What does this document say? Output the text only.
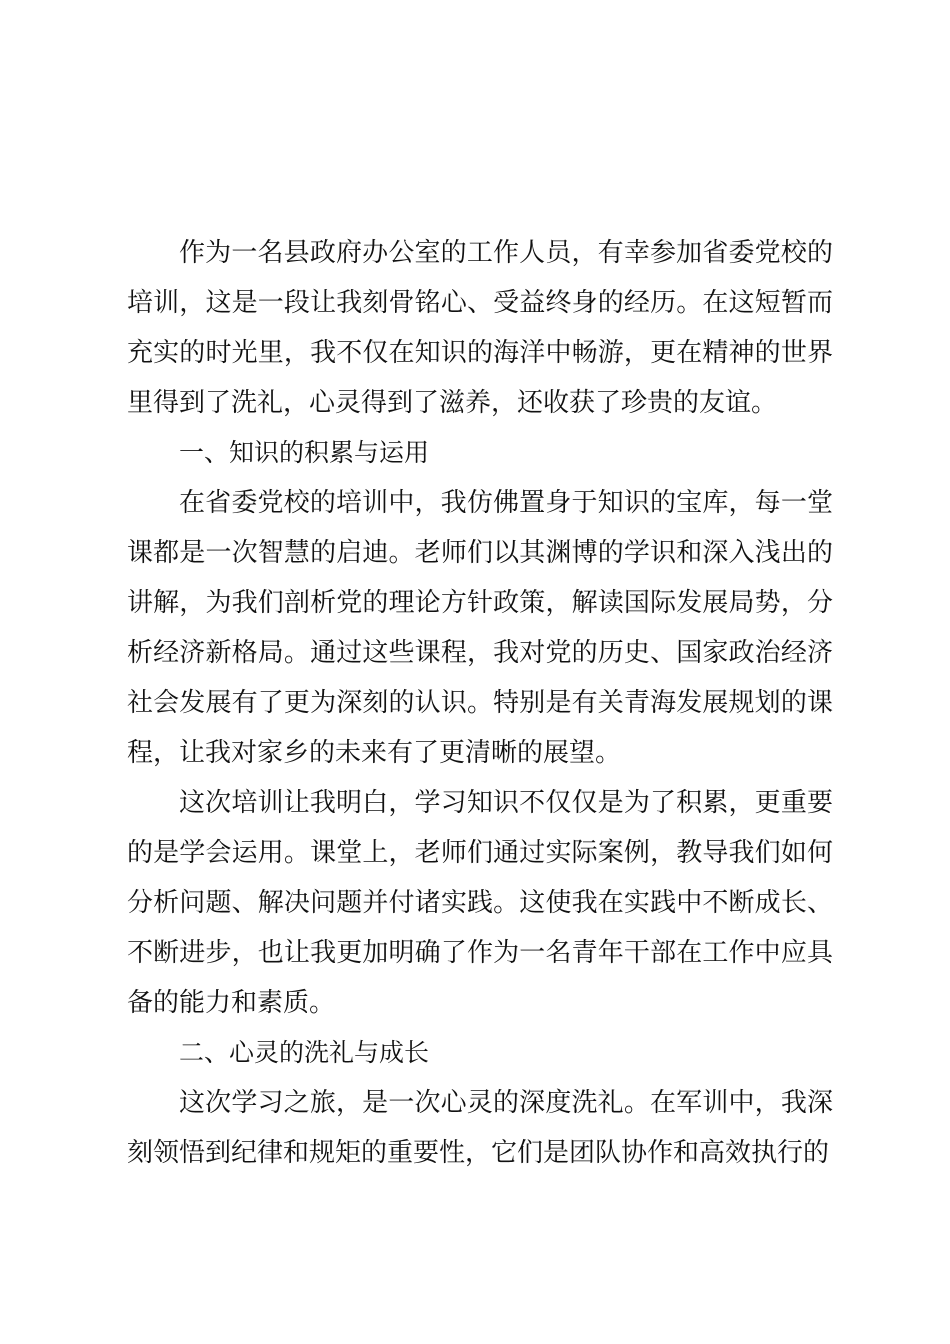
作为一名县政府办公室的工作人员，有幸参加省委党校的培训，这是一段让我刻骨铭心、受益终身的经历。在这短暂而充实的时光里，我不仅在知识的海洋中畅游，更在精神的世界里得到了洗礼，心灵得到了滋养，还收获了珍贵的友谊。

一、知识的积累与运用

在省委党校的培训中，我仿佛置身于知识的宝库，每一堂课都是一次智慧的启迪。老师们以其渊博的学识和深入浅出的讲解，为我们剖析党的理论方针政策，解读国际发展局势，分析经济新格局。通过这些课程，我对党的历史、国家政治经济社会发展有了更为深刻的认识。特别是有关青海发展规划的课程，让我对家乡的未来有了更清晰的展望。

这次培训让我明白，学习知识不仅仅是为了积累，更重要的是学会运用。课堂上，老师们通过实际案例，教导我们如何分析问题、解决问题并付诸实践。这使我在实践中不断成长、不断进步，也让我更加明确了作为一名青年干部在工作中应具备的能力和素质。

二、心灵的洗礼与成长

这次学习之旅，是一次心灵的深度洗礼。在军训中，我深刻领悟到纪律和规矩的重要性，它们是团队协作和高效执行的
